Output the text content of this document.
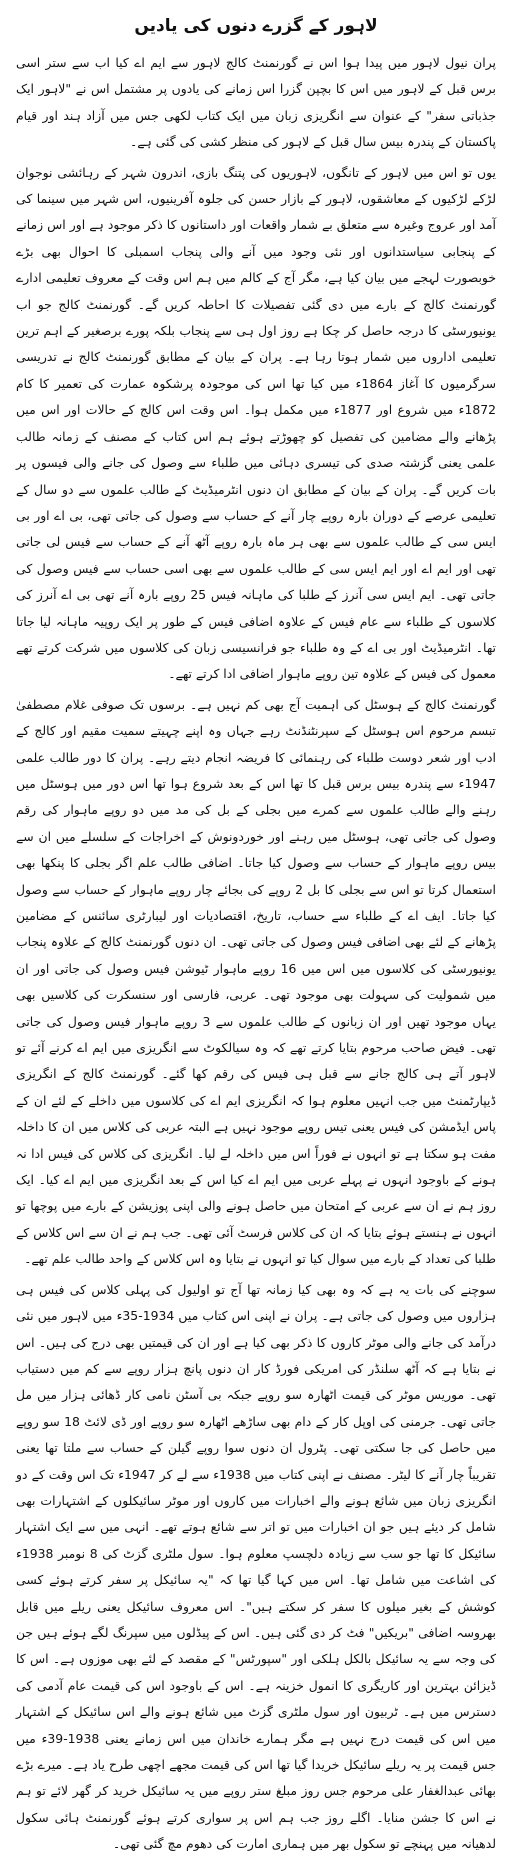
لاہور کے گزرے دنوں کی یادیں

پران نیول لاہور میں پیدا ہوا اس نے گورنمنٹ کالج لاہور سے ایم اے کیا اب سے ستر اسی برس قبل کے لاہور میں اس کا بچپن گزرا اس زمانے کی یادوں پر مشتمل اس نے "لاہور ایک جذباتی سفر" کے عنوان سے انگریزی زبان میں ایک کتاب لکھی جس میں آزاد ہند اور قیام پاکستان کے پندرہ بیس سال قبل کے لاہور کی منظر کشی کی گئی ہے۔

یوں تو اس میں لاہور کے تانگوں، لاہوریوں کی پتنگ بازی، اندرون شہر کے رہائشی نوجوان لڑکے لڑکیوں کے معاشقوں، لاہور کے بازار حسن کی جلوہ آفرینیوں، اس شہر میں سینما کی آمد اور عروج وغیرہ سے متعلق بے شمار واقعات اور داستانوں کا ذکر موجود ہے اور اس زمانے کے پنجابی سیاستدانوں اور نئی وجود میں آنے والی پنجاب اسمبلی کا احوال بھی بڑے خوبصورت لہجے میں بیان کیا ہے، مگر آج کے کالم میں ہم اس وقت کے معروف تعلیمی ادارے گورنمنٹ کالج کے بارے میں دی گئی تفصیلات کا احاطہ کریں گے۔ گورنمنٹ کالج جو اب یونیورسٹی کا درجہ حاصل کر چکا ہے روز اول ہی سے پنجاب بلکہ پورے برصغیر کے اہم ترین تعلیمی اداروں میں شمار ہوتا رہا ہے۔ پران کے بیان کے مطابق گورنمنٹ کالج نے تدریسی سرگرمیوں کا آغاز 1864ء میں کیا تھا اس کی موجودہ پرشکوہ عمارت کی تعمیر کا کام 1872ء میں شروع اور 1877ء میں مکمل ہوا۔ اس وقت اس کالج کے حالات اور اس میں پڑھانے والے مضامین کی تفصیل کو چھوڑتے ہوئے ہم اس کتاب کے مصنف کے زمانہ طالب علمی یعنی گزشتہ صدی کی تیسری دہائی میں طلباء سے وصول کی جانے والی فیسوں پر بات کریں گے۔ پران کے بیان کے مطابق ان دنوں انٹرمیڈیٹ کے طالب علموں سے دو سال کے تعلیمی عرصے کے دوران بارہ روپے چار آنے کے حساب سے وصول کی جاتی تھی، بی اے اور بی ایس سی کے طالب علموں سے بھی ہر ماہ بارہ روپے آٹھ آنے کے حساب سے فیس لی جاتی تھی اور ایم اے اور ایم ایس سی کے طالب علموں سے بھی اسی حساب سے فیس وصول کی جاتی تھی۔ ایم ایس سی آنرز کے طلبا کی ماہانہ فیس 25 روپے بارہ آنے تھی بی اے آنرز کی کلاسوں کے طلباء سے عام فیس کے علاوہ اضافی فیس کے طور پر ایک روپیہ ماہانہ لیا جاتا تھا۔ انٹرمیڈیٹ اور بی اے کے وہ طلباء جو فرانسیسی زبان کی کلاسوں میں شرکت کرتے تھے معمول کی فیس کے علاوہ تین روپے ماہوار اضافی ادا کرتے تھے۔

گورنمنٹ کالج کے ہوسٹل کی اہمیت آج بھی کم نہیں ہے۔ برسوں تک صوفی غلام مصطفیٰ تبسم مرحوم اس ہوسٹل کے سپرنٹنڈنٹ رہے جہاں وہ اپنے چہیتے سمیت مقیم اور کالج کے ادب اور شعر دوست طلباء کی رہنمائی کا فریضہ انجام دیتے رہے۔ پران کا دور طالب علمی 1947ء سے پندرہ بیس برس قبل کا تھا اس کے بعد شروع ہوا تھا اس دور میں ہوسٹل میں رہنے والے طالب علموں سے کمرے میں بجلی کے بل کی مد میں دو روپے ماہوار کی رقم وصول کی جاتی تھی، ہوسٹل میں رہنے اور خوردونوش کے اخراجات کے سلسلے میں ان سے بیس روپے ماہوار کے حساب سے وصول کیا جاتا۔ اضافی طالب علم اگر بجلی کا پنکھا بھی استعمال کرتا تو اس سے بجلی کا بل 2 روپے کی بجائے چار روپے ماہوار کے حساب سے وصول کیا جاتا۔ ایف اے کے طلباء سے حساب، تاریخ، اقتصادیات اور لیبارٹری سائنس کے مضامین پڑھانے کے لئے بھی اضافی فیس وصول کی جاتی تھی۔ ان دنوں گورنمنٹ کالج کے علاوہ پنجاب یونیورسٹی کی کلاسوں میں اس میں 16 روپے ماہوار ٹیوشن فیس وصول کی جاتی اور ان میں شمولیت کی سہولت بھی موجود تھی۔ عربی، فارسی اور سنسکرت کی کلاسیں بھی یہاں موجود تھیں اور ان زبانوں کے طالب علموں سے 3 روپے ماہوار فیس وصول کی جاتی تھی۔ فیض صاحب مرحوم بتایا کرتے تھے کہ وہ سیالکوٹ سے انگریزی میں ایم اے کرنے آئے تو لاہور آتے ہی کالج جانے سے قبل ہی فیس کی رقم کھا گئے۔ گورنمنٹ کالج کے انگریزی ڈیپارٹمنٹ میں جب انہیں معلوم ہوا کہ انگریزی ایم اے کی کلاسوں میں داخلے کے لئے ان کے پاس ایڈمشن کی فیس یعنی تیس روپے موجود نہیں ہے البتہ عربی کی کلاس میں ان کا داخلہ مفت ہو سکتا ہے تو انہوں نے فوراً اس میں داخلہ لے لیا۔ انگریزی کی کلاس کی فیس ادا نہ ہونے کے باوجود انہوں نے پہلے عربی میں ایم اے کیا اس کے بعد انگریزی میں ایم اے کیا۔ ایک روز ہم نے ان سے عربی کے امتحان میں حاصل ہونے والی اپنی پوزیشن کے بارے میں پوچھا تو انہوں نے ہنستے ہوئے بتایا کہ ان کی کلاس فرسٹ آئی تھی۔ جب ہم نے ان سے اس کلاس کے طلبا کی تعداد کے بارے میں سوال کیا تو انہوں نے بتایا وہ اس کلاس کے واحد طالب علم تھے۔

سوچنے کی بات یہ ہے کہ وہ بھی کیا زمانہ تھا آج تو اولیول کی پہلی کلاس کی فیس ہی ہزاروں میں وصول کی جاتی ہے۔ پران نے اپنی اس کتاب میں 1934-35ء میں لاہور میں نئی درآمد کی جانے والی موٹر کاروں کا ذکر بھی کیا ہے اور ان کی قیمتیں بھی درج کی ہیں۔ اس نے بتایا ہے کہ آٹھ سلنڈر کی امریکی فورڈ کار ان دنوں پانچ ہزار روپے سے کم میں دستیاب تھی۔ موریس موٹر کی قیمت اٹھارہ سو روپے جبکہ بی آسٹن نامی کار ڈھائی ہزار میں مل جاتی تھی۔ جرمنی کی اوپل کار کے دام بھی ساڑھے اٹھارہ سو روپے اور ڈی لائٹ 18 سو روپے میں حاصل کی جا سکتی تھی۔ پٹرول ان دنوں سوا روپے گیلن کے حساب سے ملتا تھا یعنی تقریباً چار آنے کا لیٹر۔ مصنف نے اپنی کتاب میں 1938ء سے لے کر 1947ء تک اس وقت کے دو انگریزی زبان میں شائع ہونے والے اخبارات میں کاروں اور موٹر سائیکلوں کے اشتہارات بھی شامل کر دیئے ہیں جو ان اخبارات میں تو اتر سے شائع ہوتے تھے۔ انہی میں سے ایک اشتہار سائیکل کا تھا جو سب سے زیادہ دلچسپ معلوم ہوا۔ سول ملٹری گزٹ کی 8 نومبر 1938ء کی اشاعت میں شامل تھا۔ اس میں کہا گیا تھا کہ "یہ سائیکل پر سفر کرتے ہوئے کسی کوشش کے بغیر میلوں کا سفر کر سکتے ہیں"۔ اس معروف سائیکل یعنی ریلے میں قابل بھروسہ اضافی "بریکیں" فٹ کر دی گئی ہیں۔ اس کے پیڈلوں میں سپرنگ لگے ہوئے ہیں جن کی وجہ سے یہ سائیکل بالکل ہلکی اور "سپورٹس" کے مقصد کے لئے بھی موزوں ہے۔ اس کا ڈیزائن بہترین اور کاریگری کا انمول خزینہ ہے۔ اس کے باوجود اس کی قیمت عام آدمی کی دسترس میں ہے۔ ٹربیون اور سول ملٹری گزٹ میں شائع ہونے والے اس سائیکل کے اشتہار میں اس کی قیمت درج نہیں ہے مگر ہمارے خاندان میں اس زمانے یعنی 1938-39ء میں جس قیمت پر یہ ریلے سائیکل خریدا گیا تھا اس کی قیمت مجھے اچھی طرح یاد ہے۔ میرے بڑے بھائی عبدالغفار علی مرحوم جس روز مبلغ ستر روپے میں یہ سائیکل خرید کر گھر لائے تو ہم نے اس کا جشن منایا۔ اگلے روز جب ہم اس پر سواری کرتے ہوئے گورنمنٹ ہائی سکول لدھیانہ میں پہنچے تو سکول بھر میں ہماری امارت کی دھوم مچ گئی تھی۔
